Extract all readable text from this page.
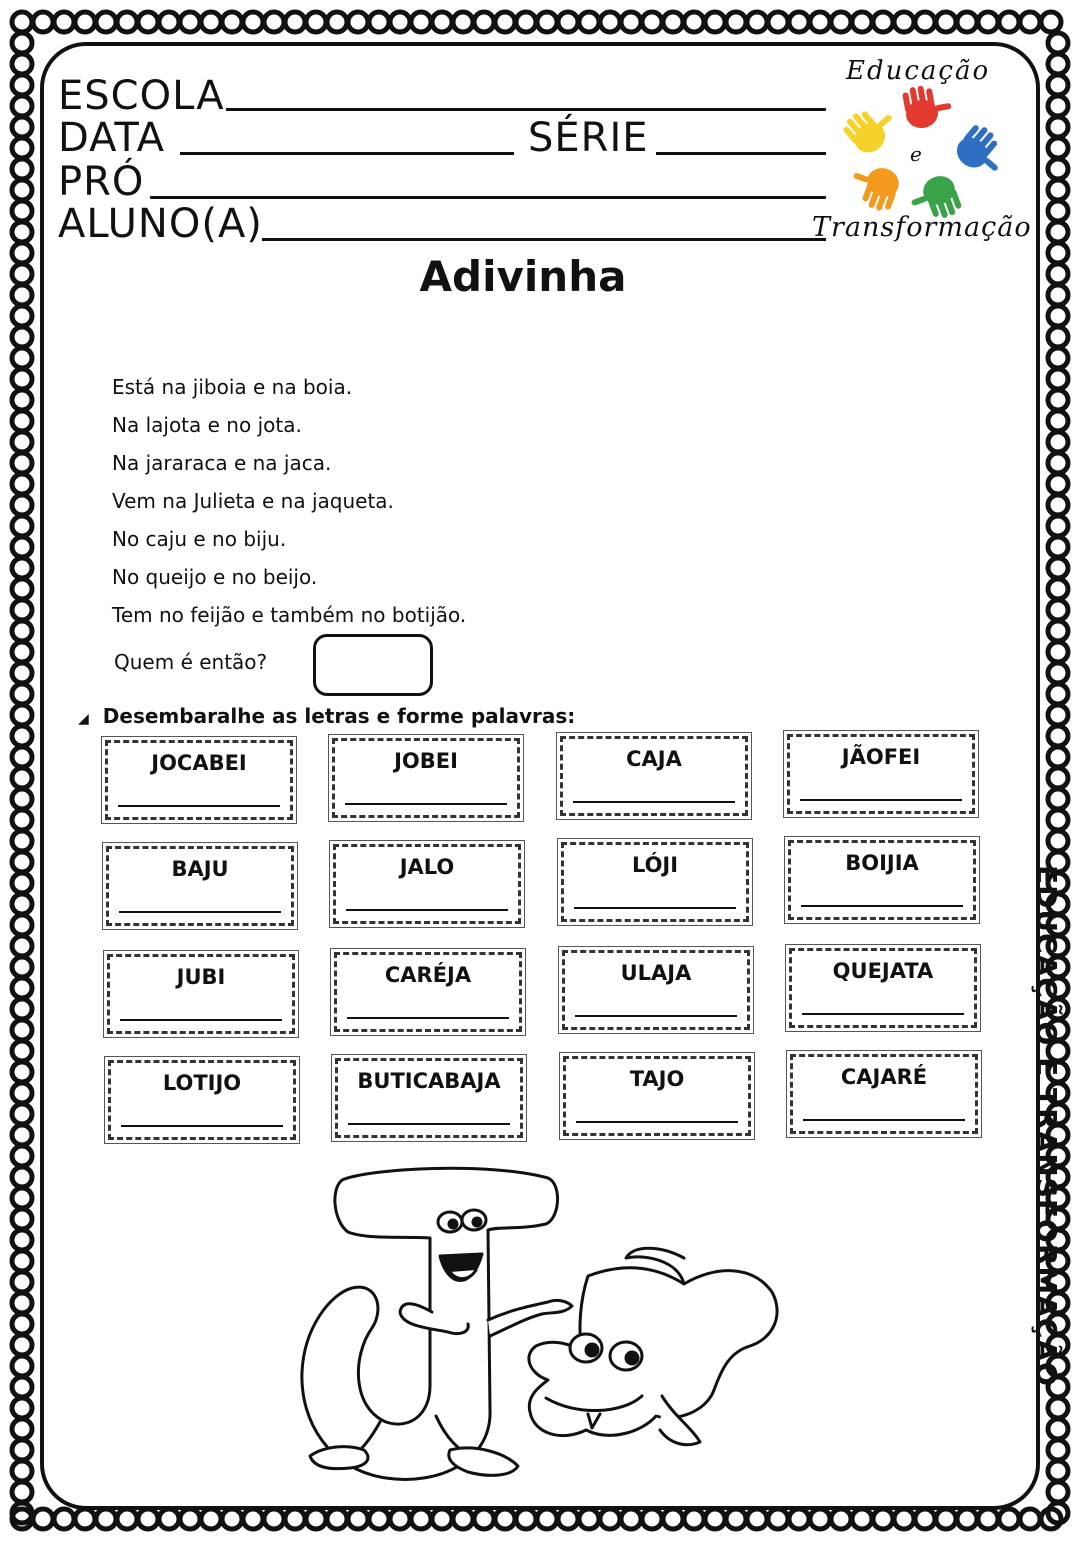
ESCOLA
DATA	SÉRIE
PRÓ
ALUNO(A)
Educação
e
Transformação
Adivinha
Está na jiboia e na boia.
Na lajota e no jota.
Na jararaca e na jaca.
Vem na Julieta e na jaqueta.
No caju e no biju.
No queijo e no beijo.
Tem no feijão e também no botijão.
Quem é então?
◢ Desembaralhe as letras e forme palavras:
JOCABEI	JOBEI	CAJA	JÃOFEI
BAJU	JALO	LÓJI	BOIJIA
JUBI	CARÉJA	ULAJA	QUEJATA
LOTIJO	BUTICABAJA	TAJO	CAJARÉ	EDUCAÇÃO E TRANSFORMAÇÃO
